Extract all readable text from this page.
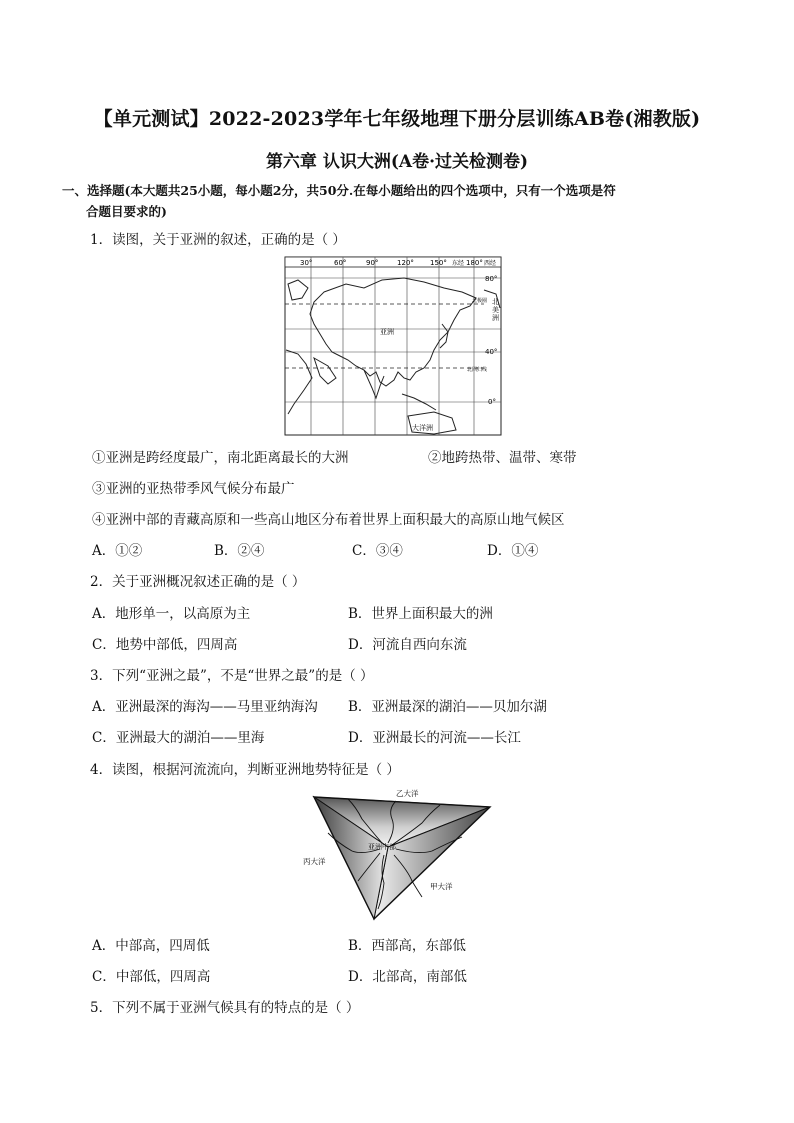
【单元测试】2022-2023学年七年级地理下册分层训练AB卷(湘教版)
第六章 认识大洲(A卷·过关检测卷)
一、选择题(本大题共25小题，每小题2分，共50分.在每小题给出的四个选项中，只有一个选项是符
合题目要求的)
1．读图，关于亚洲的叙述，正确的是（ ）
30°	60°	90°	120° 150° 东经 180° 西经
80°
40°
0°
北极圈
北回归线
亚洲
北
美
洲
大洋洲
①亚洲是跨经度最广，南北距离最长的大洲	②地跨热带、温带、寒带
③亚洲的亚热带季风气候分布最广
④亚洲中部的青藏高原和一些高山地区分布着世界上面积最大的高原山地气候区
A．①②	B．②④	C．③④	D．①④
2．关于亚洲概况叙述正确的是（ ）
A．地形单一，以高原为主	B．世界上面积最大的洲
C．地势中部低，四周高	D．河流自西向东流
3．下列“亚洲之最”，不是“世界之最”的是（ ）
A．亚洲最深的海沟——马里亚纳海沟 B．亚洲最深的湖泊——贝加尔湖
C．亚洲最大的湖泊——里海	D．亚洲最长的河流——长江
4．读图，根据河流流向，判断亚洲地势特征是（ ）
乙大洋
丙大洋
甲大洋
亚洲中部
A．中部高，四周低	B．西部高，东部低
C．中部低，四周高	D．北部高，南部低
5．下列不属于亚洲气候具有的特点的是（ ）
